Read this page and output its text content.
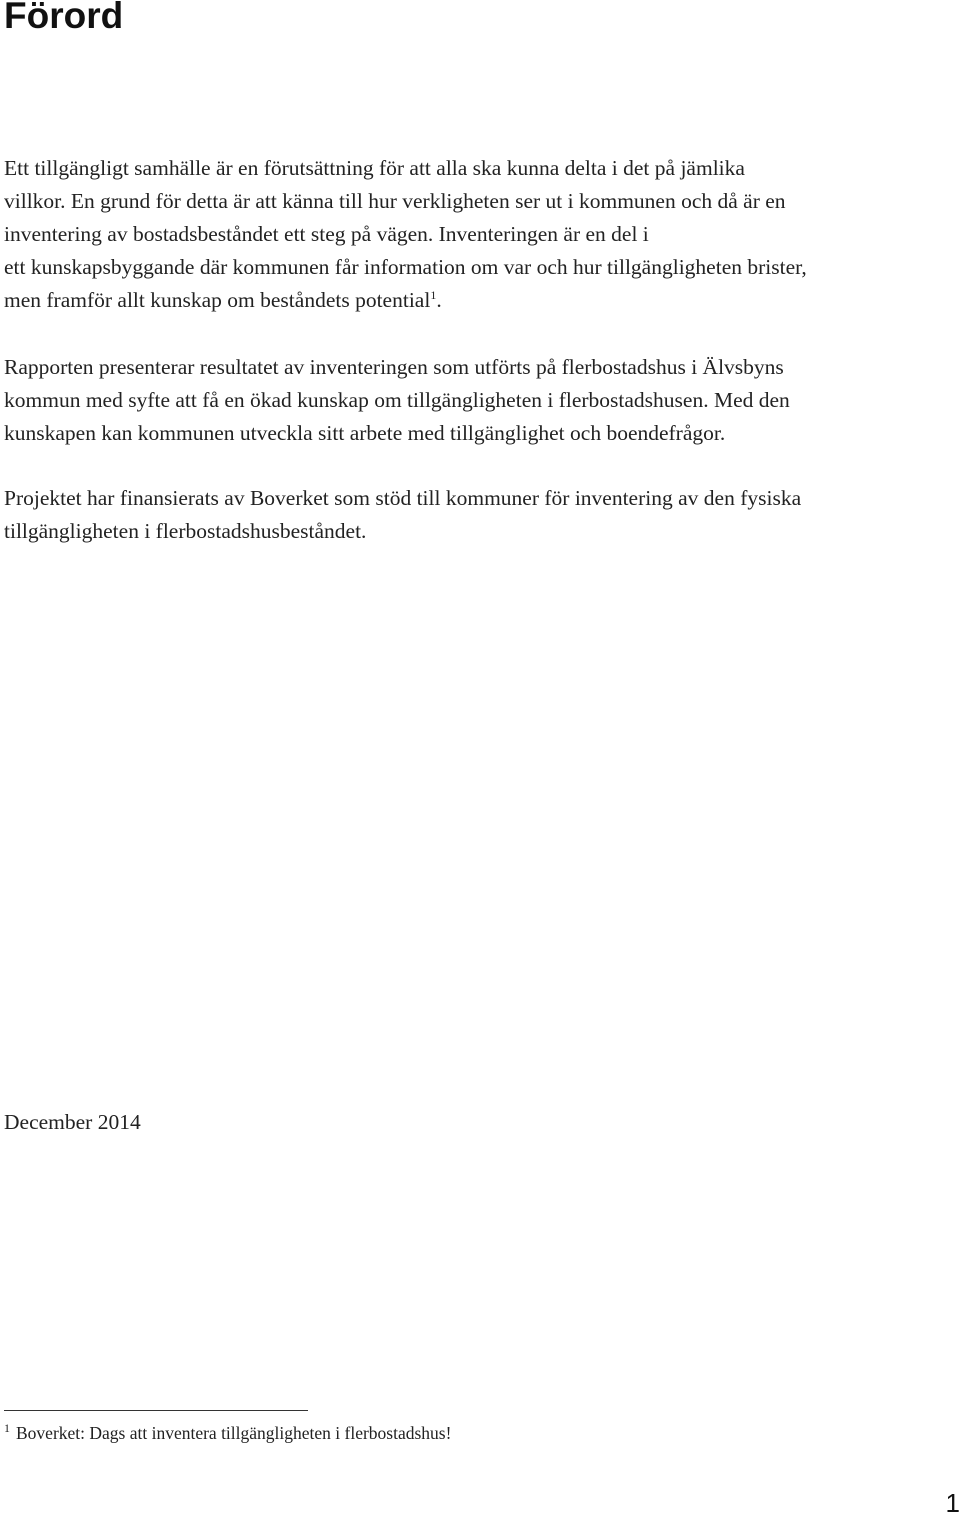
Förord

Ett tillgängligt samhälle är en förutsättning för att alla ska kunna delta i det på jämlika
villkor. En grund för detta är att känna till hur verkligheten ser ut i kommunen och då är en
inventering av bostadsbeståndet ett steg på vägen. Inventeringen är en del i
ett kunskapsbyggande där kommunen får information om var och hur tillgängligheten brister,
men framför allt kunskap om beståndets potential$^1$.

Rapporten presenterar resultatet av inventeringen som utförts på flerbostadshus i Älvsbyns
kommun med syfte att få en ökad kunskap om tillgängligheten i flerbostadshusen. Med den
kunskapen kan kommunen utveckla sitt arbete med tillgänglighet och boendefrågor.

Projektet har finansierats av Boverket som stöd till kommuner för inventering av den fysiska
tillgängligheten i flerbostadshusbeståndet.

December 2014

$^1$ Boverket: Dags att inventera tillgängligheten i flerbostadshus!

1
